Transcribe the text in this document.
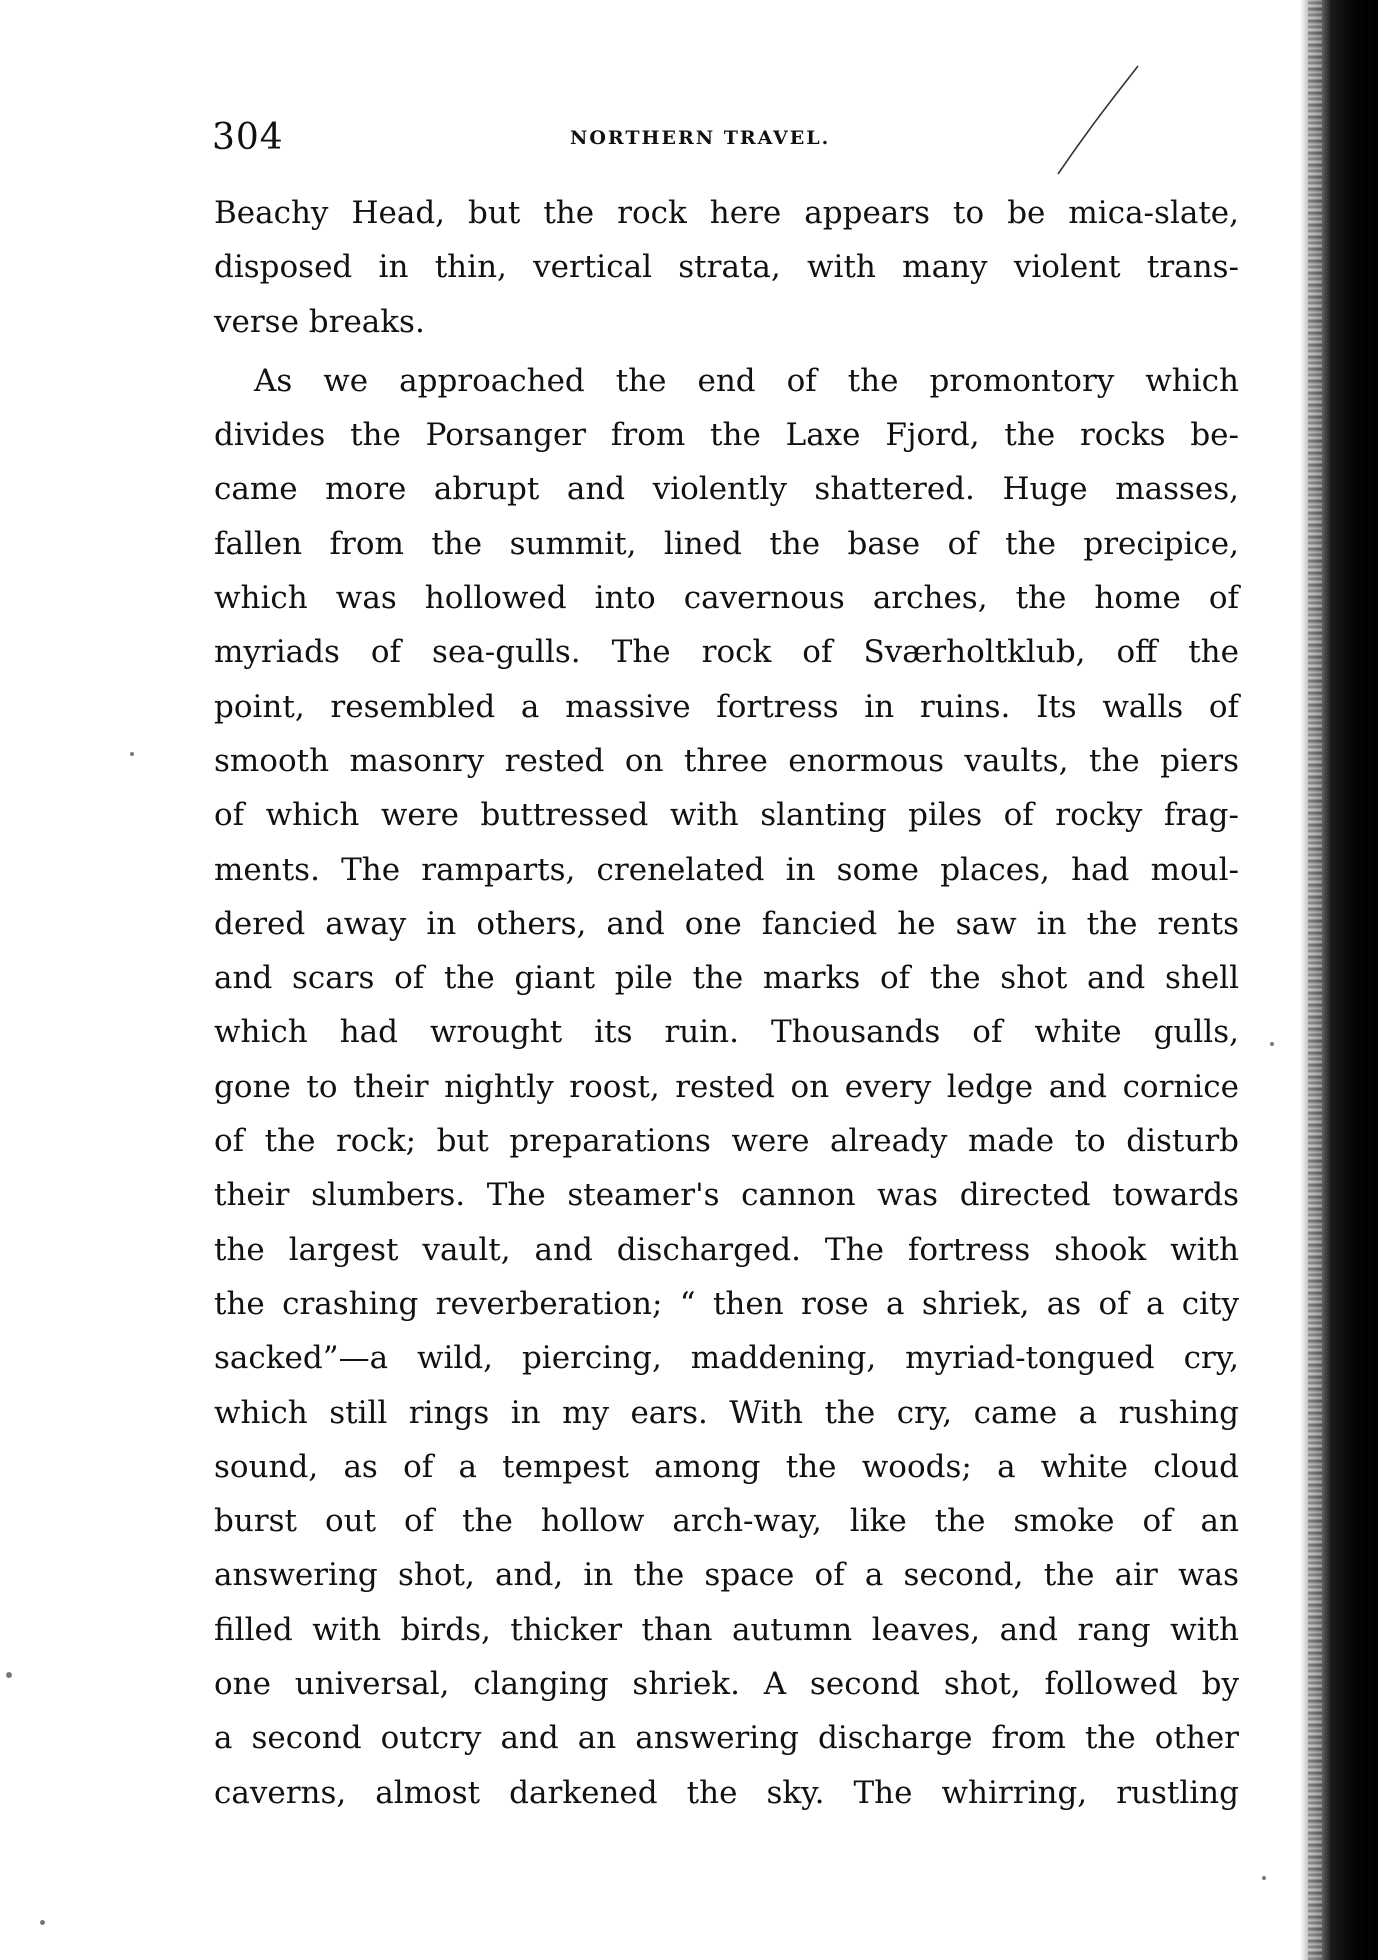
304	NORTHERN TRAVEL.
Beachy Head, but the rock here appears to be mica-slate,
disposed in thin, vertical strata, with many violent trans-
verse breaks.
As we approached the end of the promontory which
divides the Porsanger from the Laxe Fjord, the rocks be-
came more abrupt and violently shattered. Huge masses,
fallen from the summit, lined the base of the precipice,
which was hollowed into cavernous arches, the home of
myriads of sea-gulls. The rock of Sværholtklub, off the
point, resembled a massive fortress in ruins. Its walls of
smooth masonry rested on three enormous vaults, the piers
of which were buttressed with slanting piles of rocky frag-
ments. The ramparts, crenelated in some places, had moul-
dered away in others, and one fancied he saw in the rents
and scars of the giant pile the marks of the shot and shell
which had wrought its ruin. Thousands of white gulls,
gone to their nightly roost, rested on every ledge and cornice
of the rock; but preparations were already made to disturb
their slumbers. The steamer's cannon was directed towards
the largest vault, and discharged. The fortress shook with
the crashing reverberation; “ then rose a shriek, as of a city
sacked”—a wild, piercing, maddening, myriad-tongued cry,
which still rings in my ears. With the cry, came a rushing
sound, as of a tempest among the woods; a white cloud
burst out of the hollow arch-way, like the smoke of an
answering shot, and, in the space of a second, the air was
filled with birds, thicker than autumn leaves, and rang with
one universal, clanging shriek. A second shot, followed by
a second outcry and an answering discharge from the other
caverns, almost darkened the sky. The whirring, rustling
